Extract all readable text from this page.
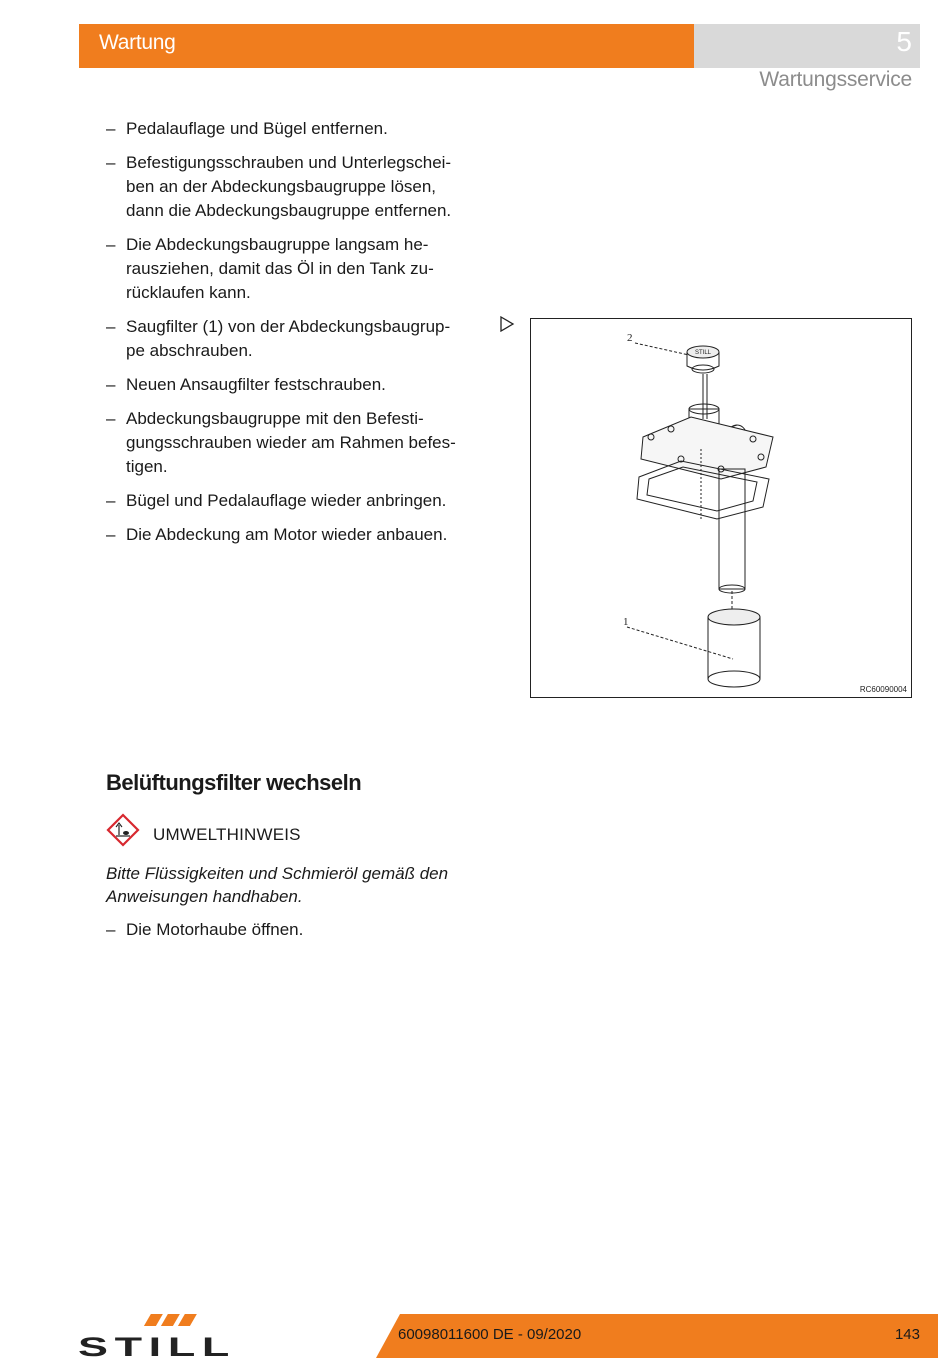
Wartung	5
Wartungsservice
– Pedalauflage und Bügel entfernen.
– Befestigungsschrauben und Unterlegschei-
ben an der Abdeckungsbaugruppe lösen,
dann die Abdeckungsbaugruppe entfernen.
– Die Abdeckungsbaugruppe langsam he-
rausziehen, damit das Öl in den Tank zu-
rücklaufen kann.
– Saugfilter (1) von der Abdeckungsbaugrup-
pe abschrauben.
– Neuen Ansaugfilter festschrauben.
– Abdeckungsbaugruppe mit den Befesti-
gungsschrauben wieder am Rahmen befes-
tigen.
– Bügel und Pedalauflage wieder anbringen.
– Die Abdeckung am Motor wieder anbauen.
2
1
STILL
RC60090004
Belüftungsfilter wechseln
UMWELTHINWEIS
Bitte Flüssigkeiten und Schmieröl gemäß den
Anweisungen handhaben.
– Die Motorhaube öffnen.
STILL	60098011600 DE - 09/2020	143
